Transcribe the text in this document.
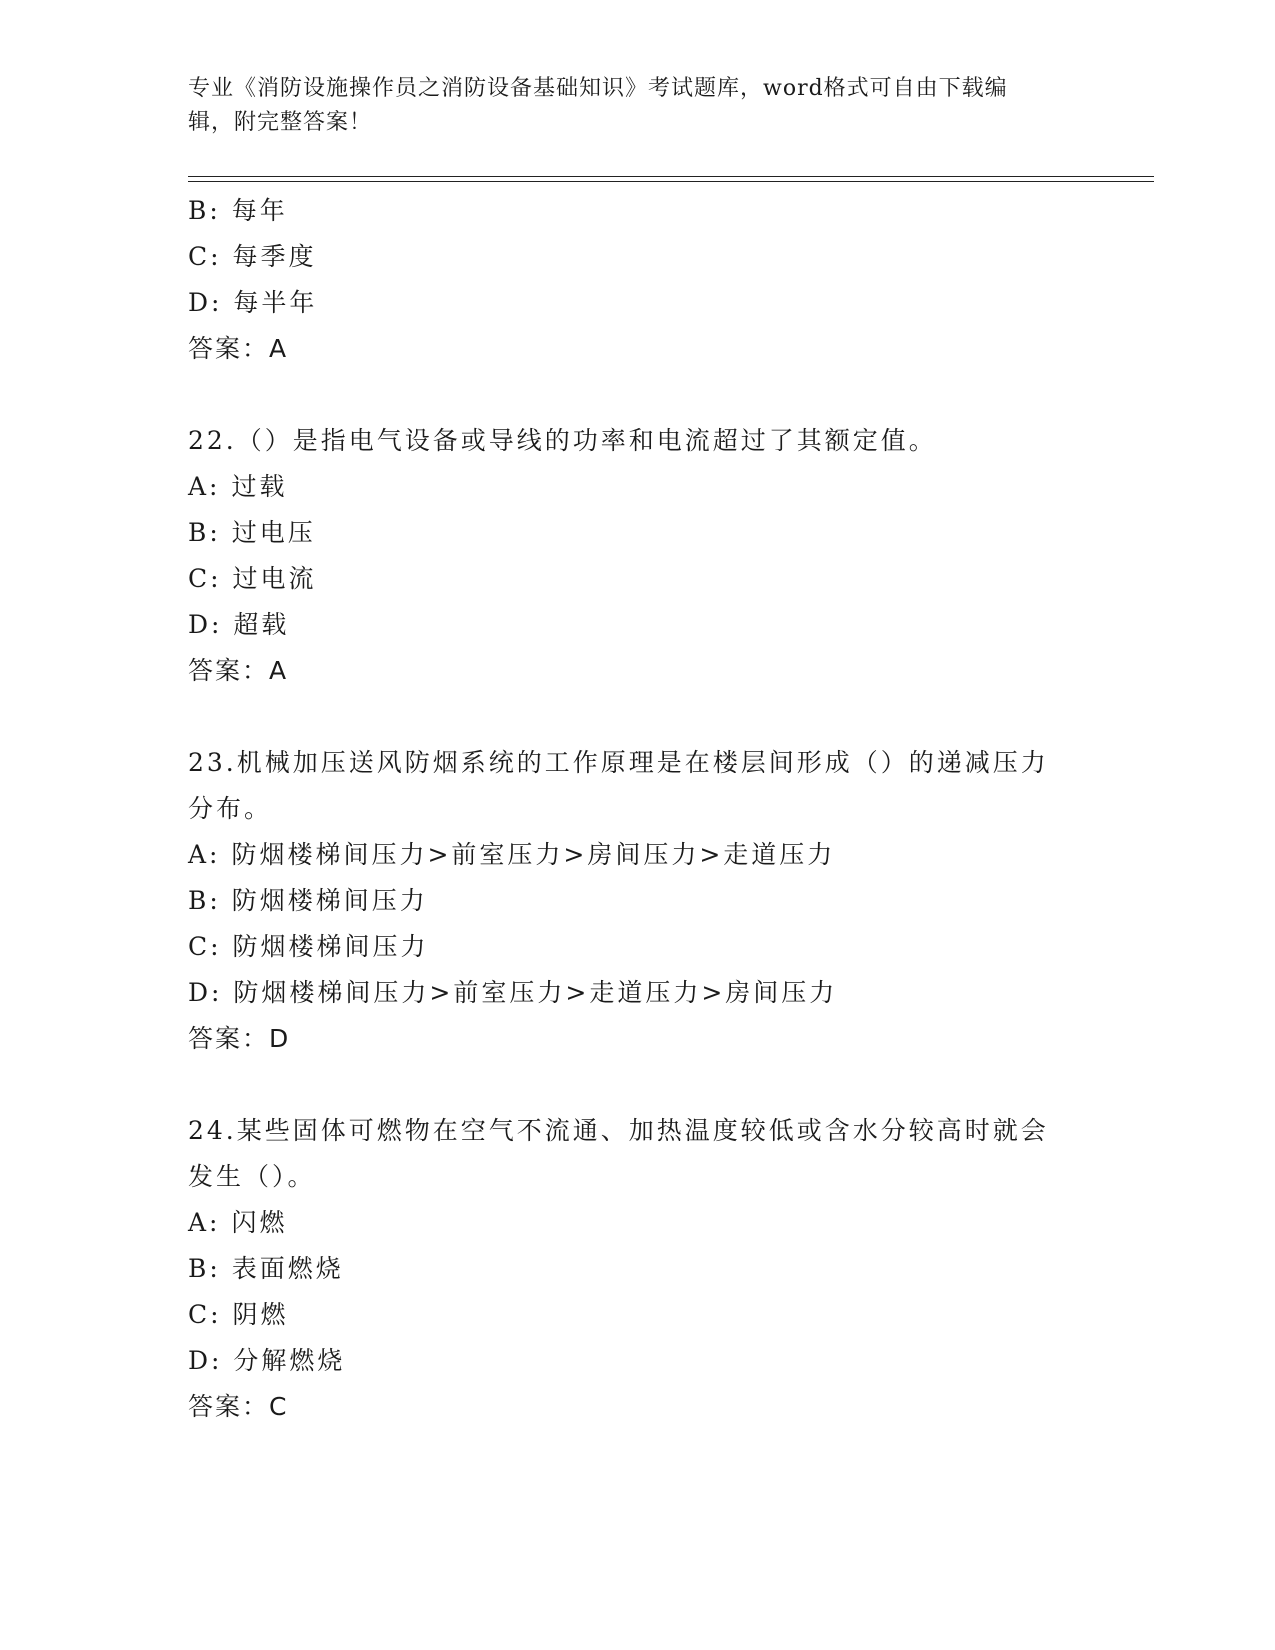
专业《消防设施操作员之消防设备基础知识》考试题库，word格式可自由下载编
辑，附完整答案！
B: 每年
C: 每季度
D: 每半年
答案：A
22.（）是指电气设备或导线的功率和电流超过了其额定值。
A: 过载
B: 过电压
C: 过电流
D: 超载
答案：A
23.机械加压送风防烟系统的工作原理是在楼层间形成（）的递减压力
分布。
A: 防烟楼梯间压力>前室压力>房间压力>走道压力
B: 防烟楼梯间压力
C: 防烟楼梯间压力
D: 防烟楼梯间压力>前室压力>走道压力>房间压力
答案：D
24.某些固体可燃物在空气不流通、加热温度较低或含水分较高时就会
发生（）。
A: 闪燃
B: 表面燃烧
C: 阴燃
D: 分解燃烧
答案：C
